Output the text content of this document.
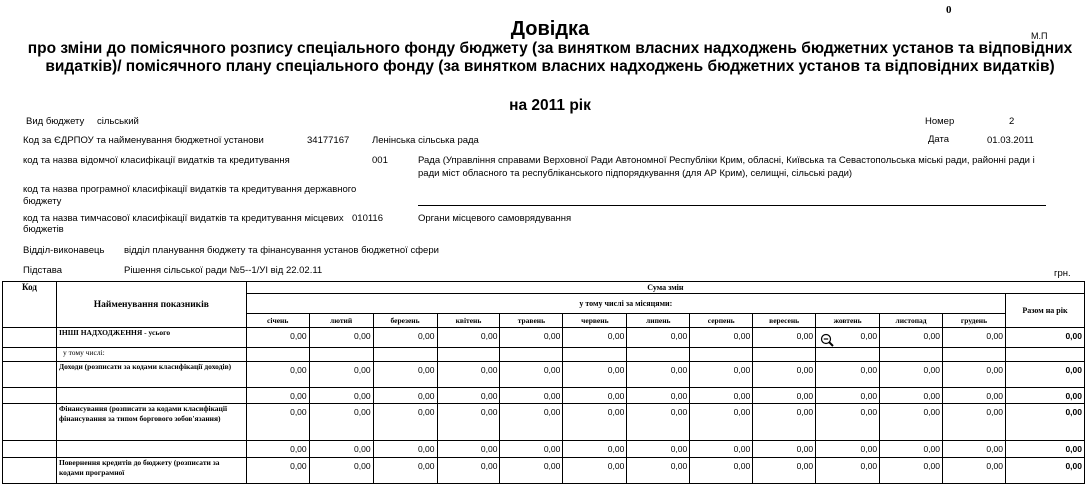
0
М.П
Довідка
про зміни до помісячного розпису спеціального фонду бюджету (за винятком власних надходжень бюджетних установ та відповідних видатків)/ помісячного плану спеціального фонду (за винятком власних надходжень бюджетних установ та відповідних видатків)
на 2011 рік
Вид бюджету сільський	Номер	2
Код за ЄДРПОУ та найменування бюджетної установи	34177167 Ленінська сільська рада	Дата	01.03.2011
код та назва відомчої класифікації видатків та кредитування	001	Рада (Управління справами Верховної Ради Автономної Республіки Крим, обласні, Київська та Севастопольська міські ради, районні ради і ради міст обласного та республіканського підпорядкування (для АР Крим), селищні, сільські ради)
код та назва програмної класифікації видатків та кредитування державного бюджету
код та назва тимчасової класифікації видатків та кредитування місцевих бюджетів
010116	Органи місцевого самоврядування
Відділ-виконавець відділ планування бюджету та фінансування установ бюджетної сфери
Підстава	Рішення сільської ради №5--1/УІ від 22.02.11	грн.
Код	Найменування показників	Сума змін												
		у тому числі за місяцями:												Разом на рік
		січень	лютий	березень	квітень	травень	червень	липень	серпень	вересень	жовтень	листопад	грудень	
	ІНШІ НАДХОДЖЕННЯ - усього	0,00	0,00	0,00	0,00	0,00	0,00	0,00	0,00	0,00	0,00	0,00	0,00	0,00
	у тому числі:													
	Доходи (розписати за кодами класифікації доходів)	0,00	0,00	0,00	0,00	0,00	0,00	0,00	0,00	0,00	0,00	0,00	0,00	0,00
		0,00	0,00	0,00	0,00	0,00	0,00	0,00	0,00	0,00	0,00	0,00	0,00	0,00
	Фінансування (розписати за кодами класифікації фінансування за типом боргового зобов'язання)	0,00	0,00	0,00	0,00	0,00	0,00	0,00	0,00	0,00	0,00	0,00	0,00	0,00
		0,00	0,00	0,00	0,00	0,00	0,00	0,00	0,00	0,00	0,00	0,00	0,00	0,00
	Повернення кредитів до бюджету (розписати за кодами програмної	0,00	0,00	0,00	0,00	0,00	0,00	0,00	0,00	0,00	0,00	0,00	0,00	0,00
